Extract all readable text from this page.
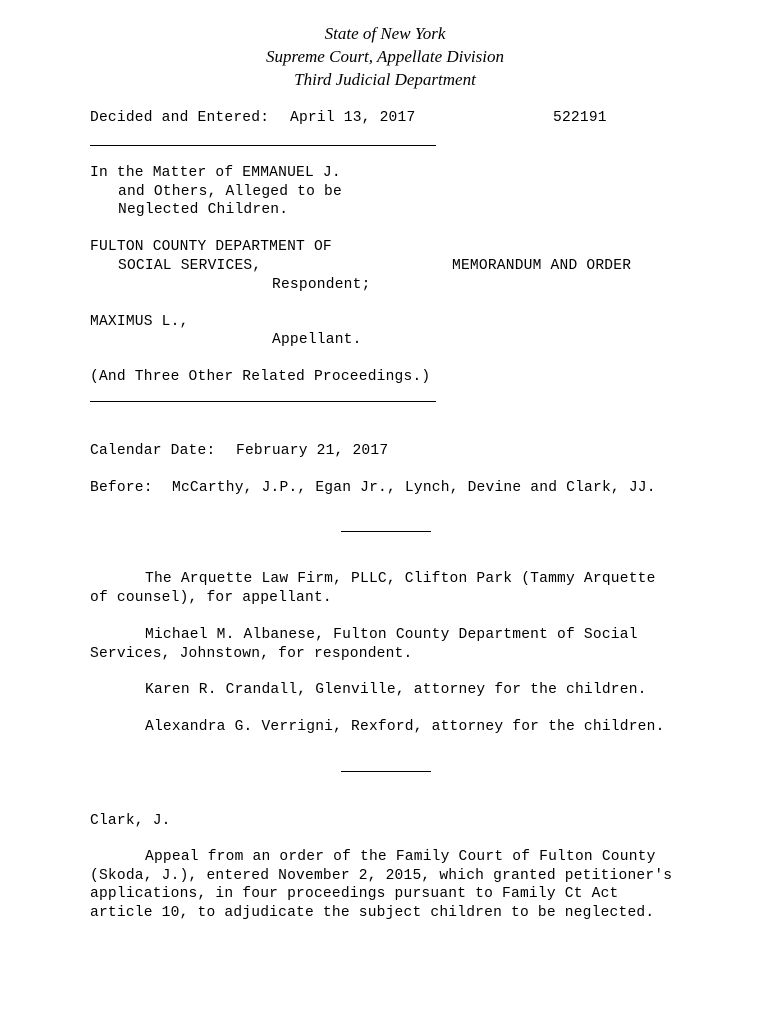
State of New York
Supreme Court, Appellate Division
Third Judicial Department
Decided and Entered: April 13, 2017	522191
In the Matter of EMMANUEL J.
and Others, Alleged to be
Neglected Children.
FULTON COUNTY DEPARTMENT OF
SOCIAL SERVICES,	MEMORANDUM AND ORDER
Respondent;
MAXIMUS L.,
Appellant.
(And Three Other Related Proceedings.)
Calendar Date: February 21, 2017
Before: McCarthy, J.P., Egan Jr., Lynch, Devine and Clark, JJ.
The Arquette Law Firm, PLLC, Clifton Park (Tammy Arquette
of counsel), for appellant.
Michael M. Albanese, Fulton County Department of Social
Services, Johnstown, for respondent.
Karen R. Crandall, Glenville, attorney for the children.
Alexandra G. Verrigni, Rexford, attorney for the children.
Clark, J.
Appeal from an order of the Family Court of Fulton County
(Skoda, J.), entered November 2, 2015, which granted petitioner's
applications, in four proceedings pursuant to Family Ct Act
article 10, to adjudicate the subject children to be neglected.
